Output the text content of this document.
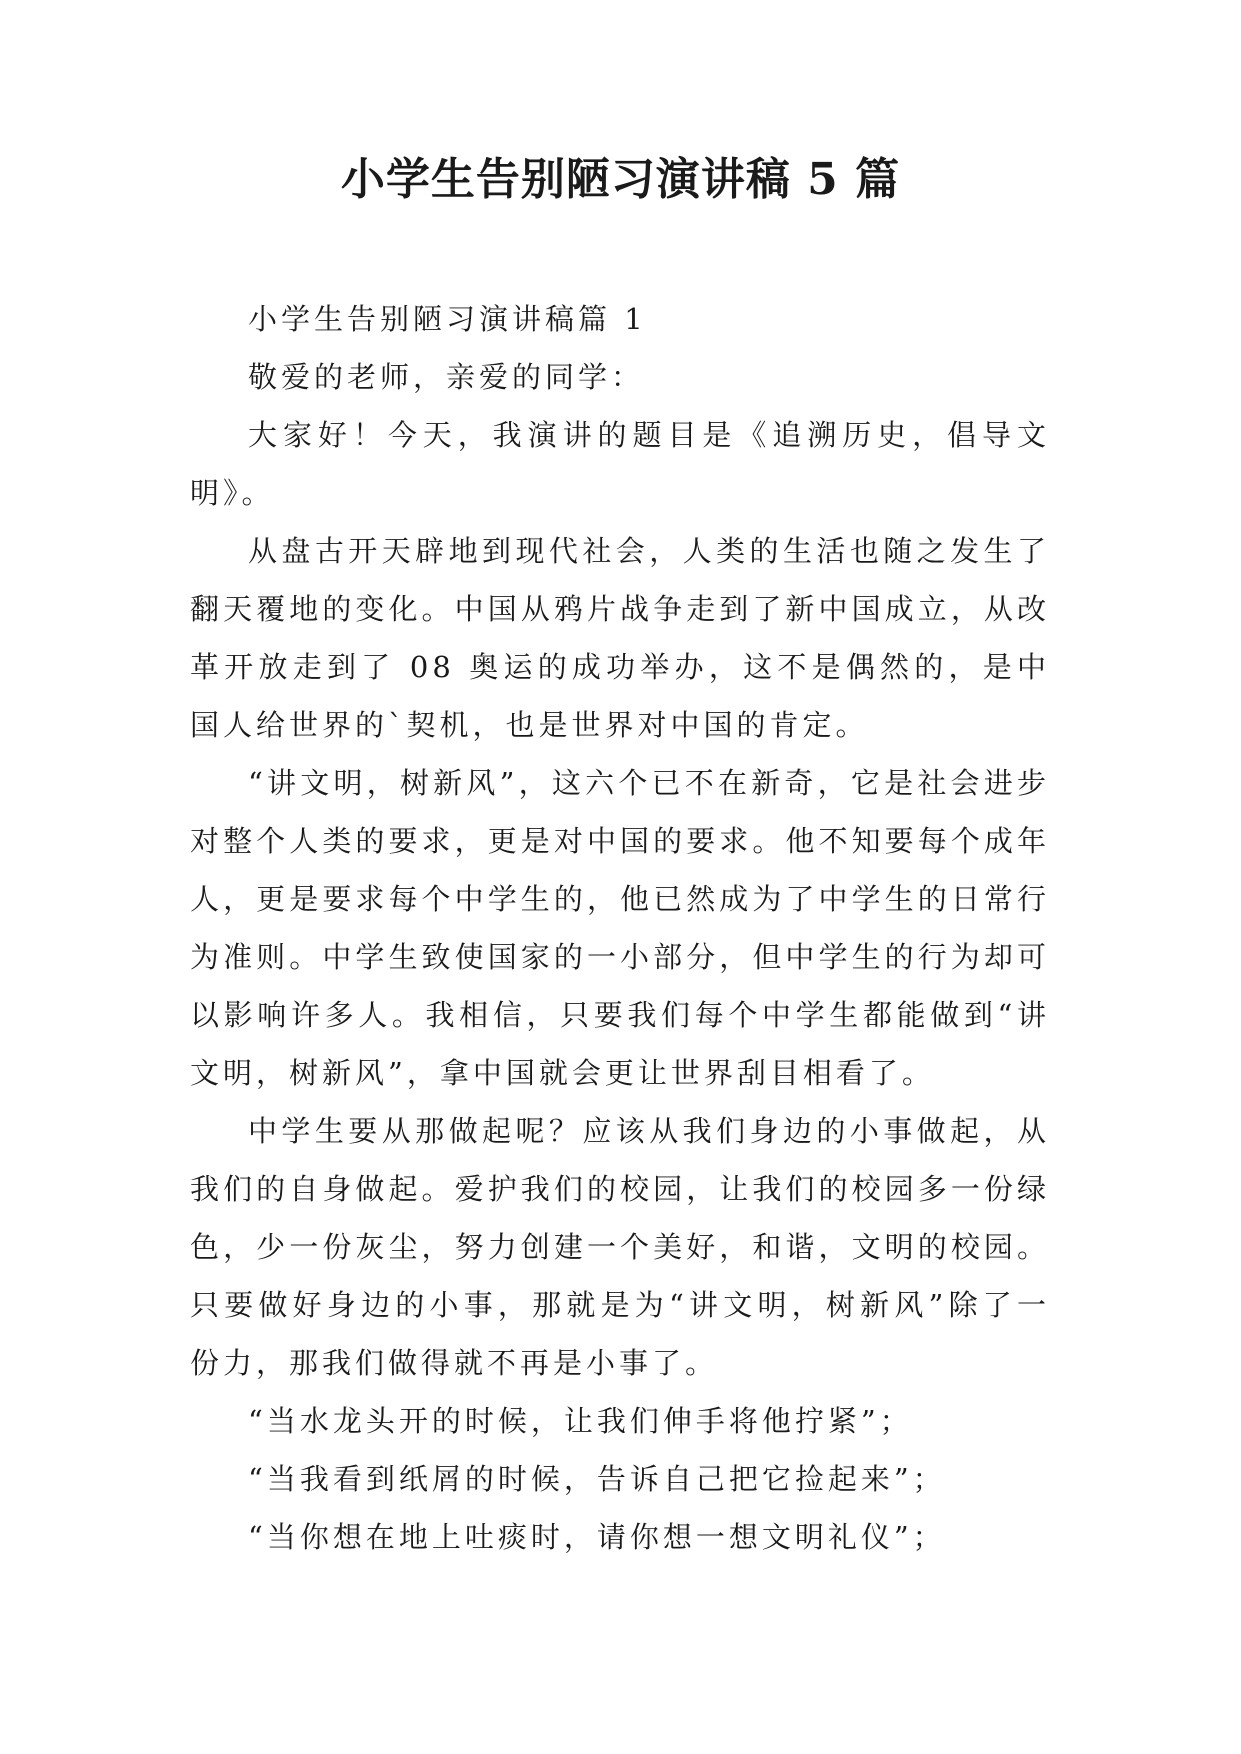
小学生告别陋习演讲稿 5 篇

小学生告别陋习演讲稿篇 1

敬爱的老师，亲爱的同学：

大家好！今天，我演讲的题目是《追溯历史，倡导文明》。

从盘古开天辟地到现代社会，人类的生活也随之发生了翻天覆地的变化。中国从鸦片战争走到了新中国成立，从改革开放走到了 08 奥运的成功举办，这不是偶然的，是中国人给世界的`契机，也是世界对中国的肯定。

“讲文明，树新风”，这六个已不在新奇，它是社会进步对整个人类的要求，更是对中国的要求。他不知要每个成年人，更是要求每个中学生的，他已然成为了中学生的日常行为准则。中学生致使国家的一小部分，但中学生的行为却可以影响许多人。我相信，只要我们每个中学生都能做到“讲文明，树新风”，拿中国就会更让世界刮目相看了。

中学生要从那做起呢？应该从我们身边的小事做起，从我们的自身做起。爱护我们的校园，让我们的校园多一份绿色，少一份灰尘，努力创建一个美好，和谐，文明的校园。只要做好身边的小事，那就是为“讲文明，树新风”除了一份力，那我们做得就不再是小事了。

“当水龙头开的时候，让我们伸手将他拧紧”；

“当我看到纸屑的时候，告诉自己把它捡起来”；

“当你想在地上吐痰时，请你想一想文明礼仪”；
